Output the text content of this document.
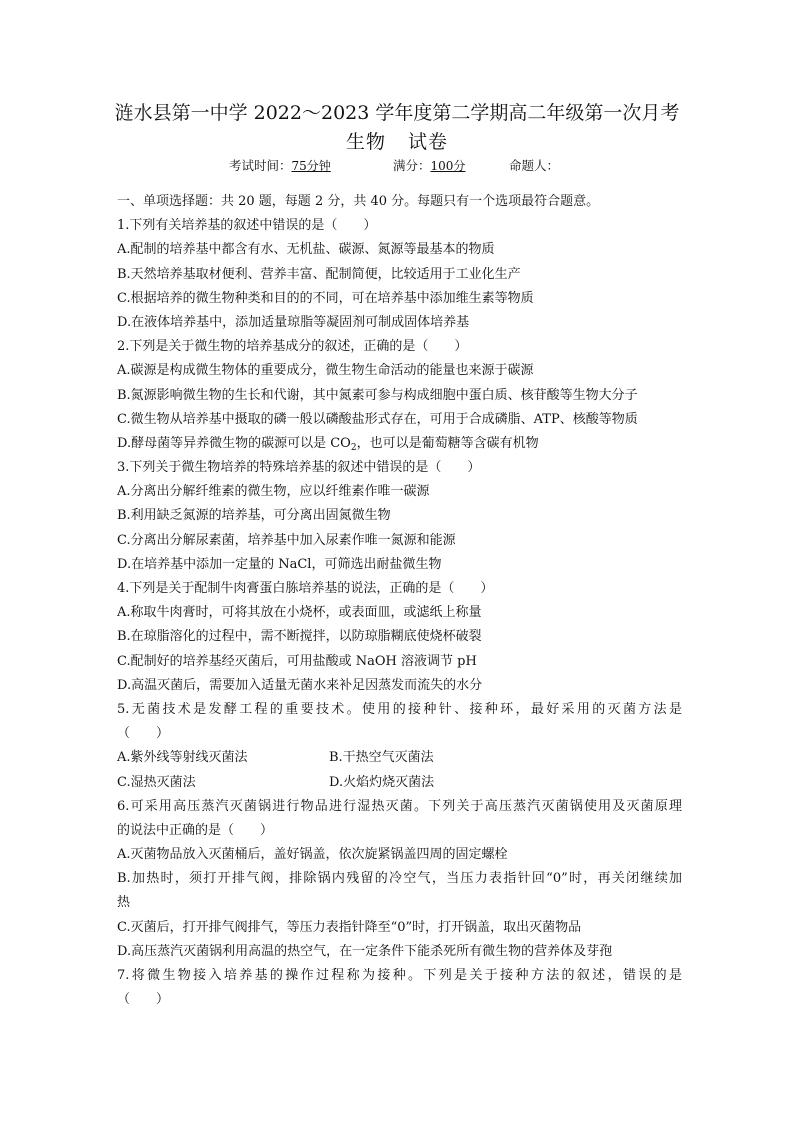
涟水县第一中学 2022～2023 学年度第二学期高二年级第一次月考
生物 试卷
考试时间：75分钟	满分：100分	命题人：
一、单项选择题：共 20 题，每题 2 分，共 40 分。每题只有一个选项最符合题意。
1.下列有关培养基的叙述中错误的是（　　）
A.配制的培养基中都含有水、无机盐、碳源、氮源等最基本的物质
B.天然培养基取材便利、营养丰富、配制简便，比较适用于工业化生产
C.根据培养的微生物种类和目的的不同，可在培养基中添加维生素等物质
D.在液体培养基中，添加适量琼脂等凝固剂可制成固体培养基
2.下列是关于微生物的培养基成分的叙述，正确的是（　　）
A.碳源是构成微生物体的重要成分，微生物生命活动的能量也来源于碳源
B.氮源影响微生物的生长和代谢，其中氮素可参与构成细胞中蛋白质、核苷酸等生物大分子
C.微生物从培养基中摄取的磷一般以磷酸盐形式存在，可用于合成磷脂、ATP、核酸等物质
D.酵母菌等异养微生物的碳源可以是 $CO_2$，也可以是葡萄糖等含碳有机物
3.下列关于微生物培养的特殊培养基的叙述中错误的是（　　）
A.分离出分解纤维素的微生物，应以纤维素作唯一碳源
B.利用缺乏氮源的培养基，可分离出固氮微生物
C.分离出分解尿素菌，培养基中加入尿素作唯一氮源和能源
D.在培养基中添加一定量的 NaCl，可筛选出耐盐微生物
4.下列是关于配制牛肉膏蛋白胨培养基的说法，正确的是（　　）
A.称取牛肉膏时，可将其放在小烧杯，或表面皿，或滤纸上称量
B.在琼脂溶化的过程中，需不断搅拌，以防琼脂糊底使烧杯破裂
C.配制好的培养基经灭菌后，可用盐酸或 NaOH 溶液调节 pH
D.高温灭菌后，需要加入适量无菌水来补足因蒸发而流失的水分
5.无菌技术是发酵工程的重要技术。使用的接种针、接种环，最好采用的灭菌方法是
（　　）
A.紫外线等射线灭菌法	B.干热空气灭菌法
C.湿热灭菌法	D.火焰灼烧灭菌法
6.可采用高压蒸汽灭菌锅进行物品进行湿热灭菌。下列关于高压蒸汽灭菌锅使用及灭菌原理
的说法中正确的是（　　）
A.灭菌物品放入灭菌桶后，盖好锅盖，依次旋紧锅盖四周的固定螺栓
B.加热时，须打开排气阀，排除锅内残留的冷空气，当压力表指针回“0”时，再关闭继续加
热
C.灭菌后，打开排气阀排气，等压力表指针降至“0”时，打开锅盖，取出灭菌物品
D.高压蒸汽灭菌锅利用高温的热空气，在一定条件下能杀死所有微生物的营养体及芽孢
7.将微生物接入培养基的操作过程称为接种。下列是关于接种方法的叙述，错误的是
（　　）
